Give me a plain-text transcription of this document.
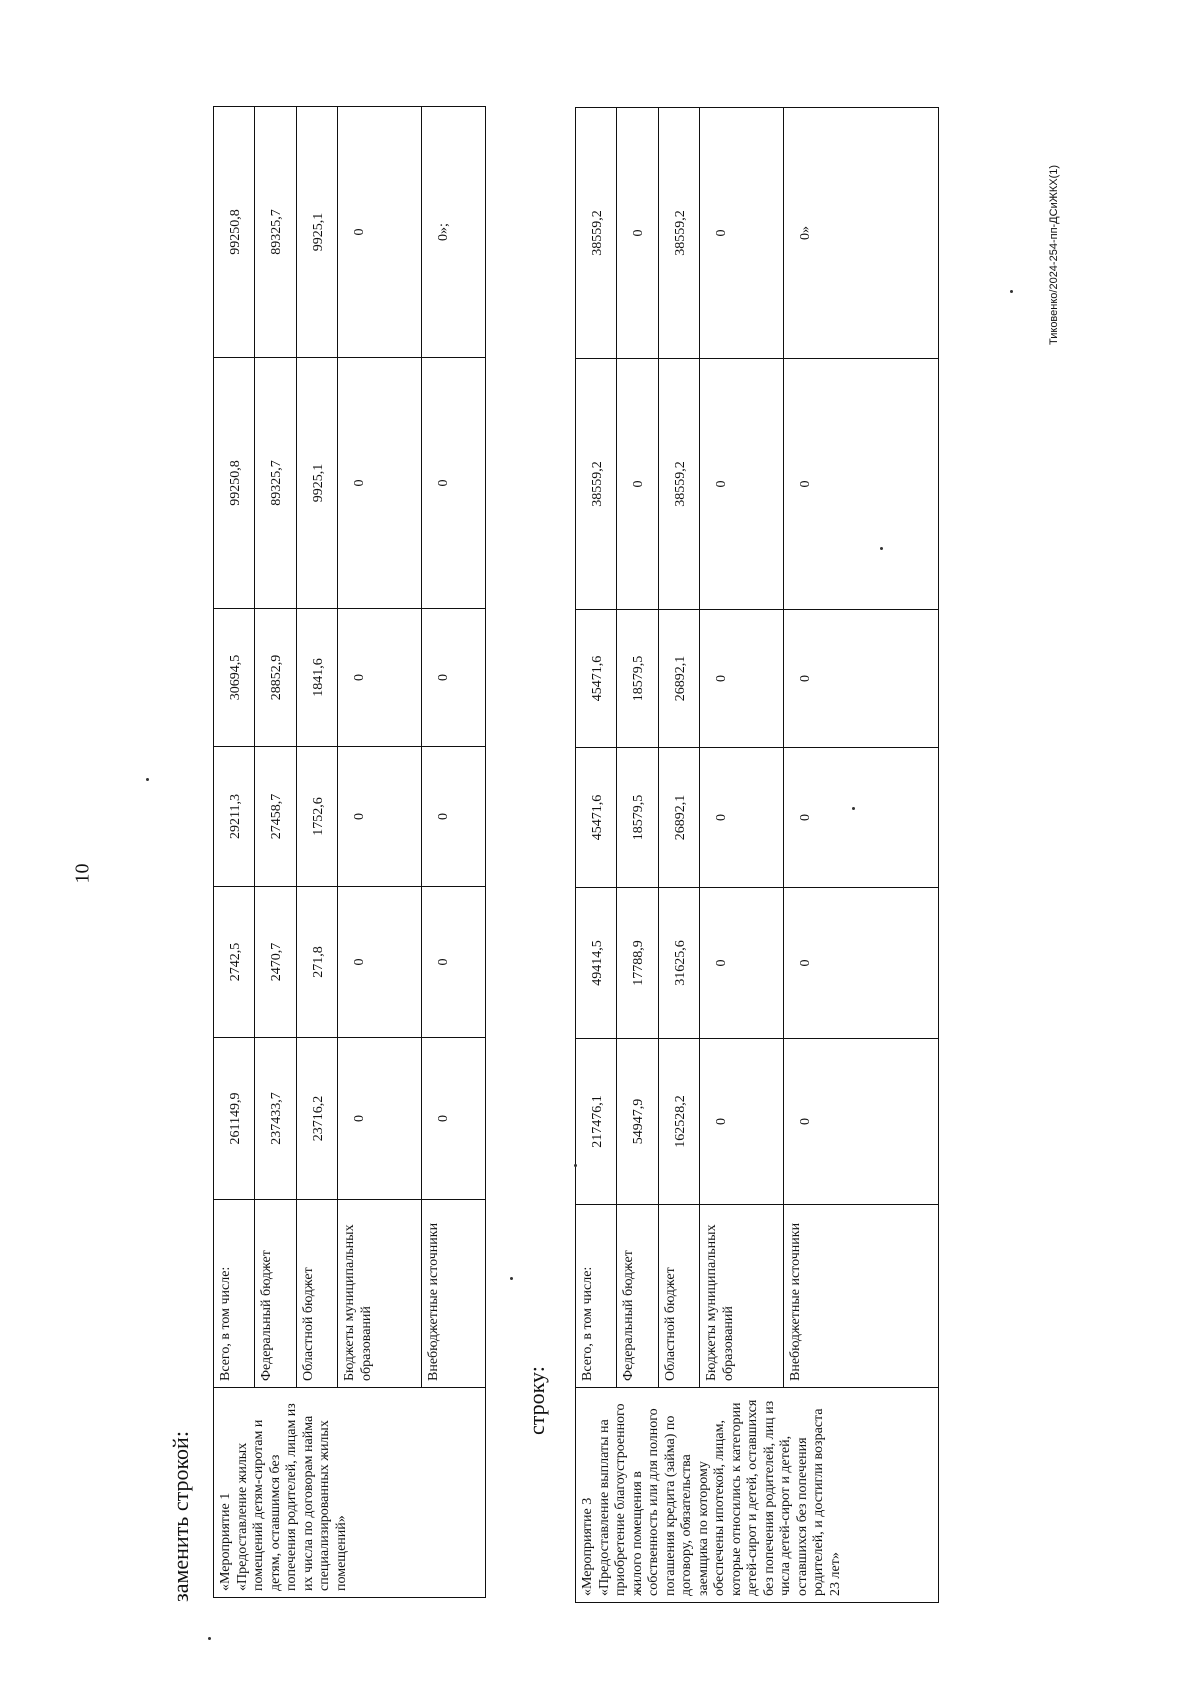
10
заменить строкой: «Мероприятие 1 «Предоставление жилых помещений детям-сиротам и детям, оставшимся без попечения родителей, лицам из их числа по договорам найма специализированных жилых помещений»	Всего, в том числе:	261149,9	2742,5	29211,3	30694,5	99250,8	99250,8
	Федеральный бюджет	237433,7	2470,7	27458,7	28852,9	89325,7	89325,7
	Областной бюджет	23716,2	271,8	1752,6	1841,6	9925,1	9925,1
	Бюджеты муниципальных образований	0	0	0	0	0	0
	Внебюджетные источники	0	0	0	0	0	0»;
строку:
«Мероприятие 3 «Предоставление выплаты на приобретение благоустроенного жилого помещения в собственность или для полного погашения кредита (займа) по договору, обязательства заемщика по которому обеспечены ипотекой, лицам, которые относились к категории детей-сирот и детей, оставшихся без попечения родителей, лиц из числа детей-сирот и детей, оставшихся без попечения родителей, и достигли возраста 23 лет»	Всего, в том числе:	217476,1	49414,5	45471,6	45471,6	38559,2	38559,2
	Федеральный бюджет	54947,9	17788,9	18579,5	18579,5	0	0
	Областной бюджет	162528,2	31625,6	26892,1	26892,1	38559,2	38559,2
	Бюджеты муниципальных образований	0	0	0	0	0	0
	Внебюджетные источники	0	0	0	0	0	0»	Тиковенко/2024-254-пп-ДСиЖКХ(1)
